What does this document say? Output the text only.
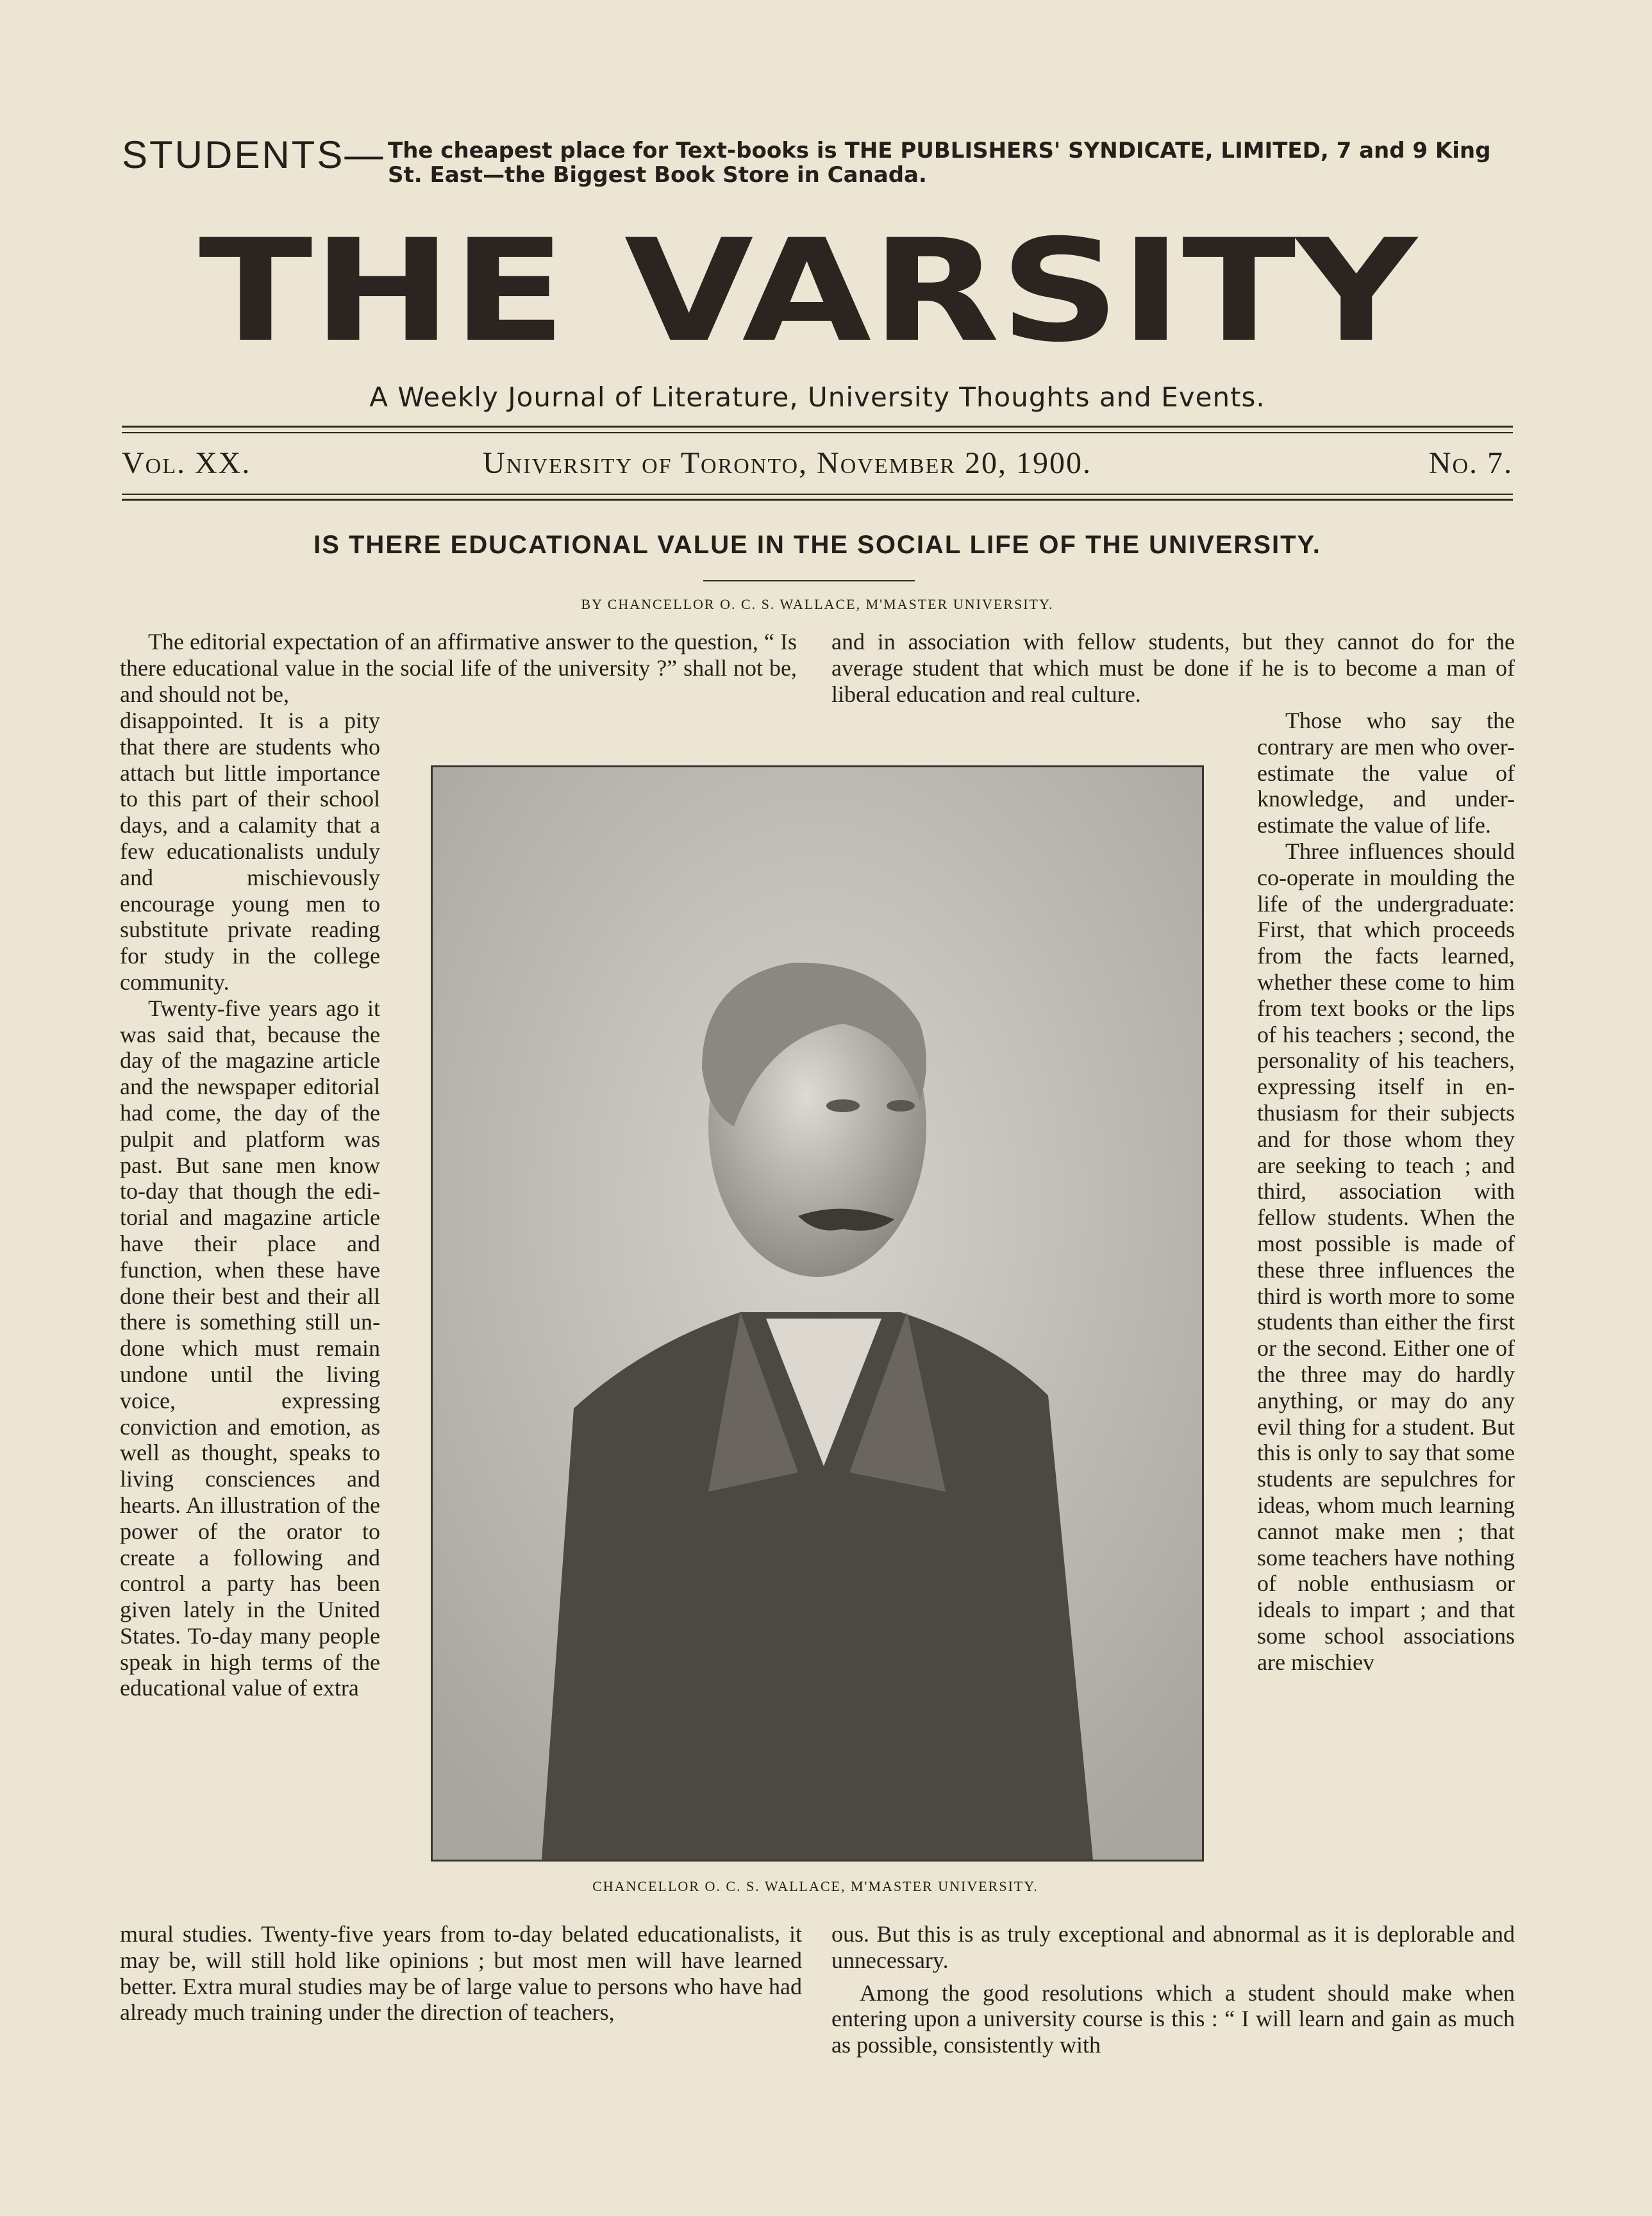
STUDENTS— The cheapest place for Text-books is THE PUBLISHERS' SYNDICATE, LIMITED, 7 and 9 King St. East—the Biggest Book Store in Canada.
THE VARSITY
A Weekly Journal of Literature, University Thoughts and Events.
Vol. XX.	University of Toronto, November 20, 1900.	No. 7.
IS THERE EDUCATIONAL VALUE IN THE SOCIAL LIFE OF THE UNIVERSITY.
BY CHANCELLOR O. C. S. WALLACE, M'MASTER UNIVERSITY.

The editorial expectation of an affirmative answer to the question, “ Is there educational value in the social life of the university ?” shall not be, and should not be,

disappointed. It is a pity that there are students who attach but little importance to this part of their school days, and a calamity that a few educationalists unduly and mischievously encourage young men to substitute private reading for study in the college community.

Twenty-five years ago it was said that, because the day of the magazine article and the newspaper editorial had come, the day of the pulpit and platform was past. But sane men know to-day that though the editorial and magazine article have their place and function, when these have done their best and their all there is something still undone which must remain undone until the living voice, expressing conviction and emotion, as well as thought, speaks to living consciences and hearts. An illustration of the power of the orator to create a following and control a party has been given lately in the United States. To-day many people speak in high terms of the educational value of extra

mural studies. Twenty-five years from to-day belated educationalists, it may be, will still hold like opinions ; but most men will have learned better. Extra mural studies may be of large value to persons who have had already much training under the direction of teachers,

and in association with fellow students, but they cannot do for the average student that which must be done if he is to become a man of liberal education and real culture.

Those who say the contrary are men who over-estimate the value of knowledge, and under-estimate the value of life.

Three influences should co-operate in moulding the life of the undergraduate: First, that which proceeds from the facts learned, whether these come to him from text books or the lips of his teachers ; second, the personality of his teachers, expressing itself in enthusiasm for their subjects and for those whom they are seeking to teach ; and third, association with fellow students. When the most possible is made of these three influences the third is worth more to some students than either the first or the second. Either one of the three may do hardly anything, or may do any evil thing for a student. But this is only to say that some students are sepulchres for ideas, whom much learning cannot make men ; that some teachers have nothing of noble enthusiasm or ideals to impart ; and that some school associations are mischiev

ous. But this is as truly exceptional and abnormal as it is deplorable and unnecessary.

Among the good resolutions which a student should make when entering upon a university course is this : “ I will learn and gain as much as possible, consistently with

CHANCELLOR O. C. S. WALLACE, M'MASTER UNIVERSITY.
